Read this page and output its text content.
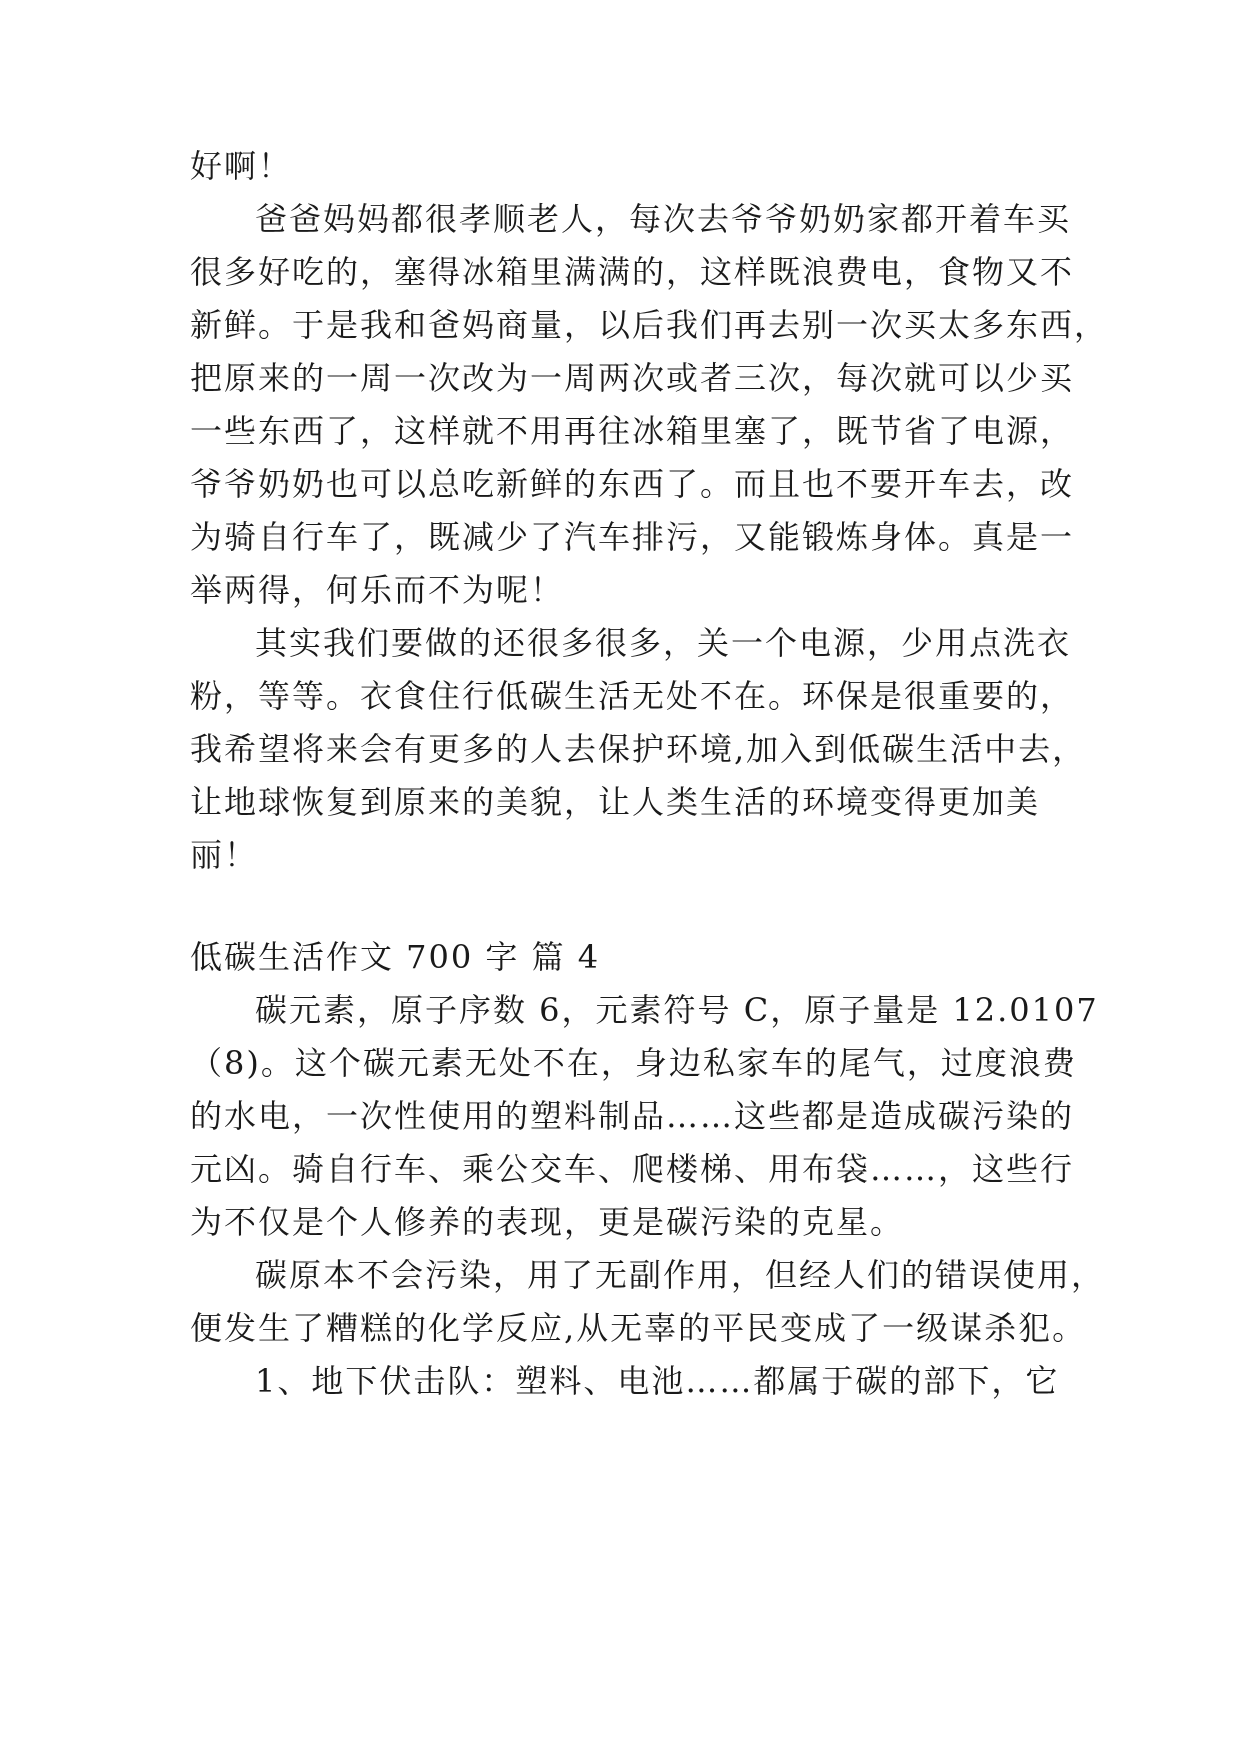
好啊！
爸爸妈妈都很孝顺老人，每次去爷爷奶奶家都开着车买
很多好吃的，塞得冰箱里满满的，这样既浪费电，食物又不
新鲜。于是我和爸妈商量，以后我们再去别一次买太多东西，
把原来的一周一次改为一周两次或者三次，每次就可以少买
一些东西了，这样就不用再往冰箱里塞了，既节省了电源，
爷爷奶奶也可以总吃新鲜的东西了。而且也不要开车去，改
为骑自行车了，既减少了汽车排污，又能锻炼身体。真是一
举两得，何乐而不为呢！
其实我们要做的还很多很多，关一个电源，少用点洗衣
粉，等等。衣食住行低碳生活无处不在。环保是很重要的，
我希望将来会有更多的人去保护环境,加入到低碳生活中去，
让地球恢复到原来的美貌，让人类生活的环境变得更加美
丽！
低碳生活作文 700 字 篇 4
碳元素，原子序数 6，元素符号 C，原子量是 12.0107
（8)。这个碳元素无处不在，身边私家车的尾气，过度浪费
的水电，一次性使用的塑料制品……这些都是造成碳污染的
元凶。骑自行车、乘公交车、爬楼梯、用布袋……，这些行
为不仅是个人修养的表现，更是碳污染的克星。
碳原本不会污染，用了无副作用，但经人们的错误使用，
便发生了糟糕的化学反应,从无辜的平民变成了一级谋杀犯。
1、地下伏击队：塑料、电池……都属于碳的部下，它
